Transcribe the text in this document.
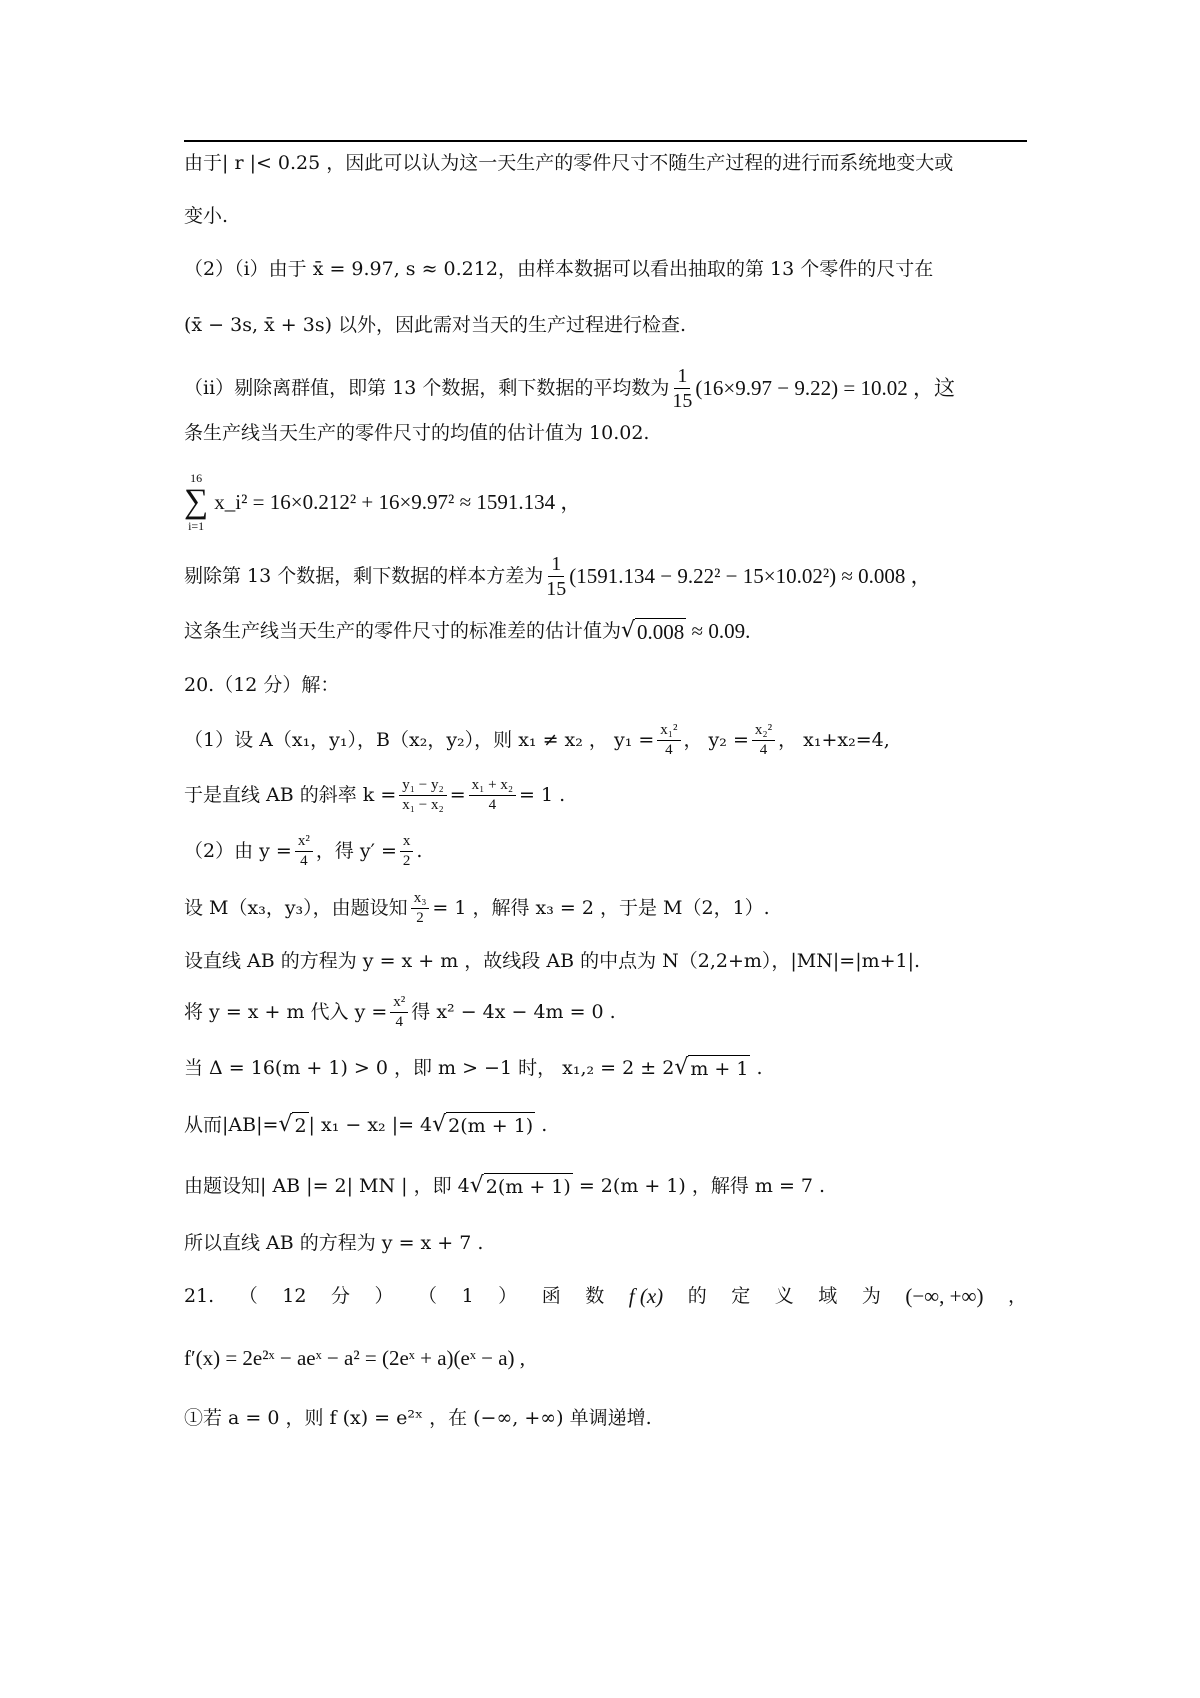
由于| r |< 0.25 ，因此可以认为这一天生产的零件尺寸不随生产过程的进行而系统地变大或
变小.
（2）（i）由于 x̄ = 9.97, s ≈ 0.212，由样本数据可以看出抽取的第 13 个零件的尺寸在
(x̄ − 3s, x̄ + 3s) 以外，因此需对当天的生产过程进行检查.
（ii）剔除离群值，即第 13 个数据，剩下数据的平均数为 $\frac{1}{15} (16\times 9.97 - 9.22) = 10.02$ ，这
条生产线当天生产的零件尺寸的均值的估计值为 10.02.
16
∑
i=1
x_i² = 16×0.212² + 16×9.97² ≈ 1591.134 ，
剔除第 13 个数据，剩下数据的样本方差为 $\frac{1}{15} (1591.134 - 9.22^2 - 15\times 10.02^2) \approx 0.008$ ，
这条生产线当天生产的零件尺寸的标准差的估计值为 √ 0.008 ≈ 0.09.
20.（12 分）解：
（1）设 A（x₁，y₁），B（x₂，y₂），则 x₁ ≠ x₂ ， $y_1 = \frac{\text{x₁²}}{4}$ ， $y_2 = \frac{\text{x₂²}}{4}$ ， x₁+x₂=4,
于是直线 AB 的斜率 $k = \frac{\text{y₁ − y₂}}{\text{x₁ − x₂}} = \frac{\text{x₁ + x₂}}{4} = 1$ .
（2）由 $y = \frac{\text{x²}}{4}$ ，得 $y' = \frac{x}{2}$ .
设 M（x₃，y₃），由题设知 $\frac{\text{x₃}}{2} = 1$ ，解得 x₃ = 2 ，于是 M（2，1）.
设直线 AB 的方程为 y = x + m ，故线段 AB 的中点为 N（2,2+m），|MN|=|m+1|.
将 y = x + m 代入 $y = \frac{\text{x²}}{4}$ 得 x² − 4x − 4m = 0 .
当 Δ = 16(m + 1) > 0 ，即 m > −1 时， x₁,₂ = 2 ± 2 √ m + 1 .
从而|AB|= √ 2 | x₁ − x₂ |= 4 √ 2(m + 1) .
由题设知| AB |= 2| MN | ，即 4 √ 2(m + 1) = 2(m + 1) ，解得 m = 7 .
所以直线 AB 的方程为 y = x + 7 .
21. （ 12 分 ） （ 1 ） 函 数 f (x) 的 定 义 域 为 (−∞, +∞) ，
f′(x) = 2e²ˣ − aeˣ − a² = (2eˣ + a)(eˣ − a) ,
①若 a = 0 ，则 f (x) = e²ˣ ，在 (−∞, +∞) 单调递增.
